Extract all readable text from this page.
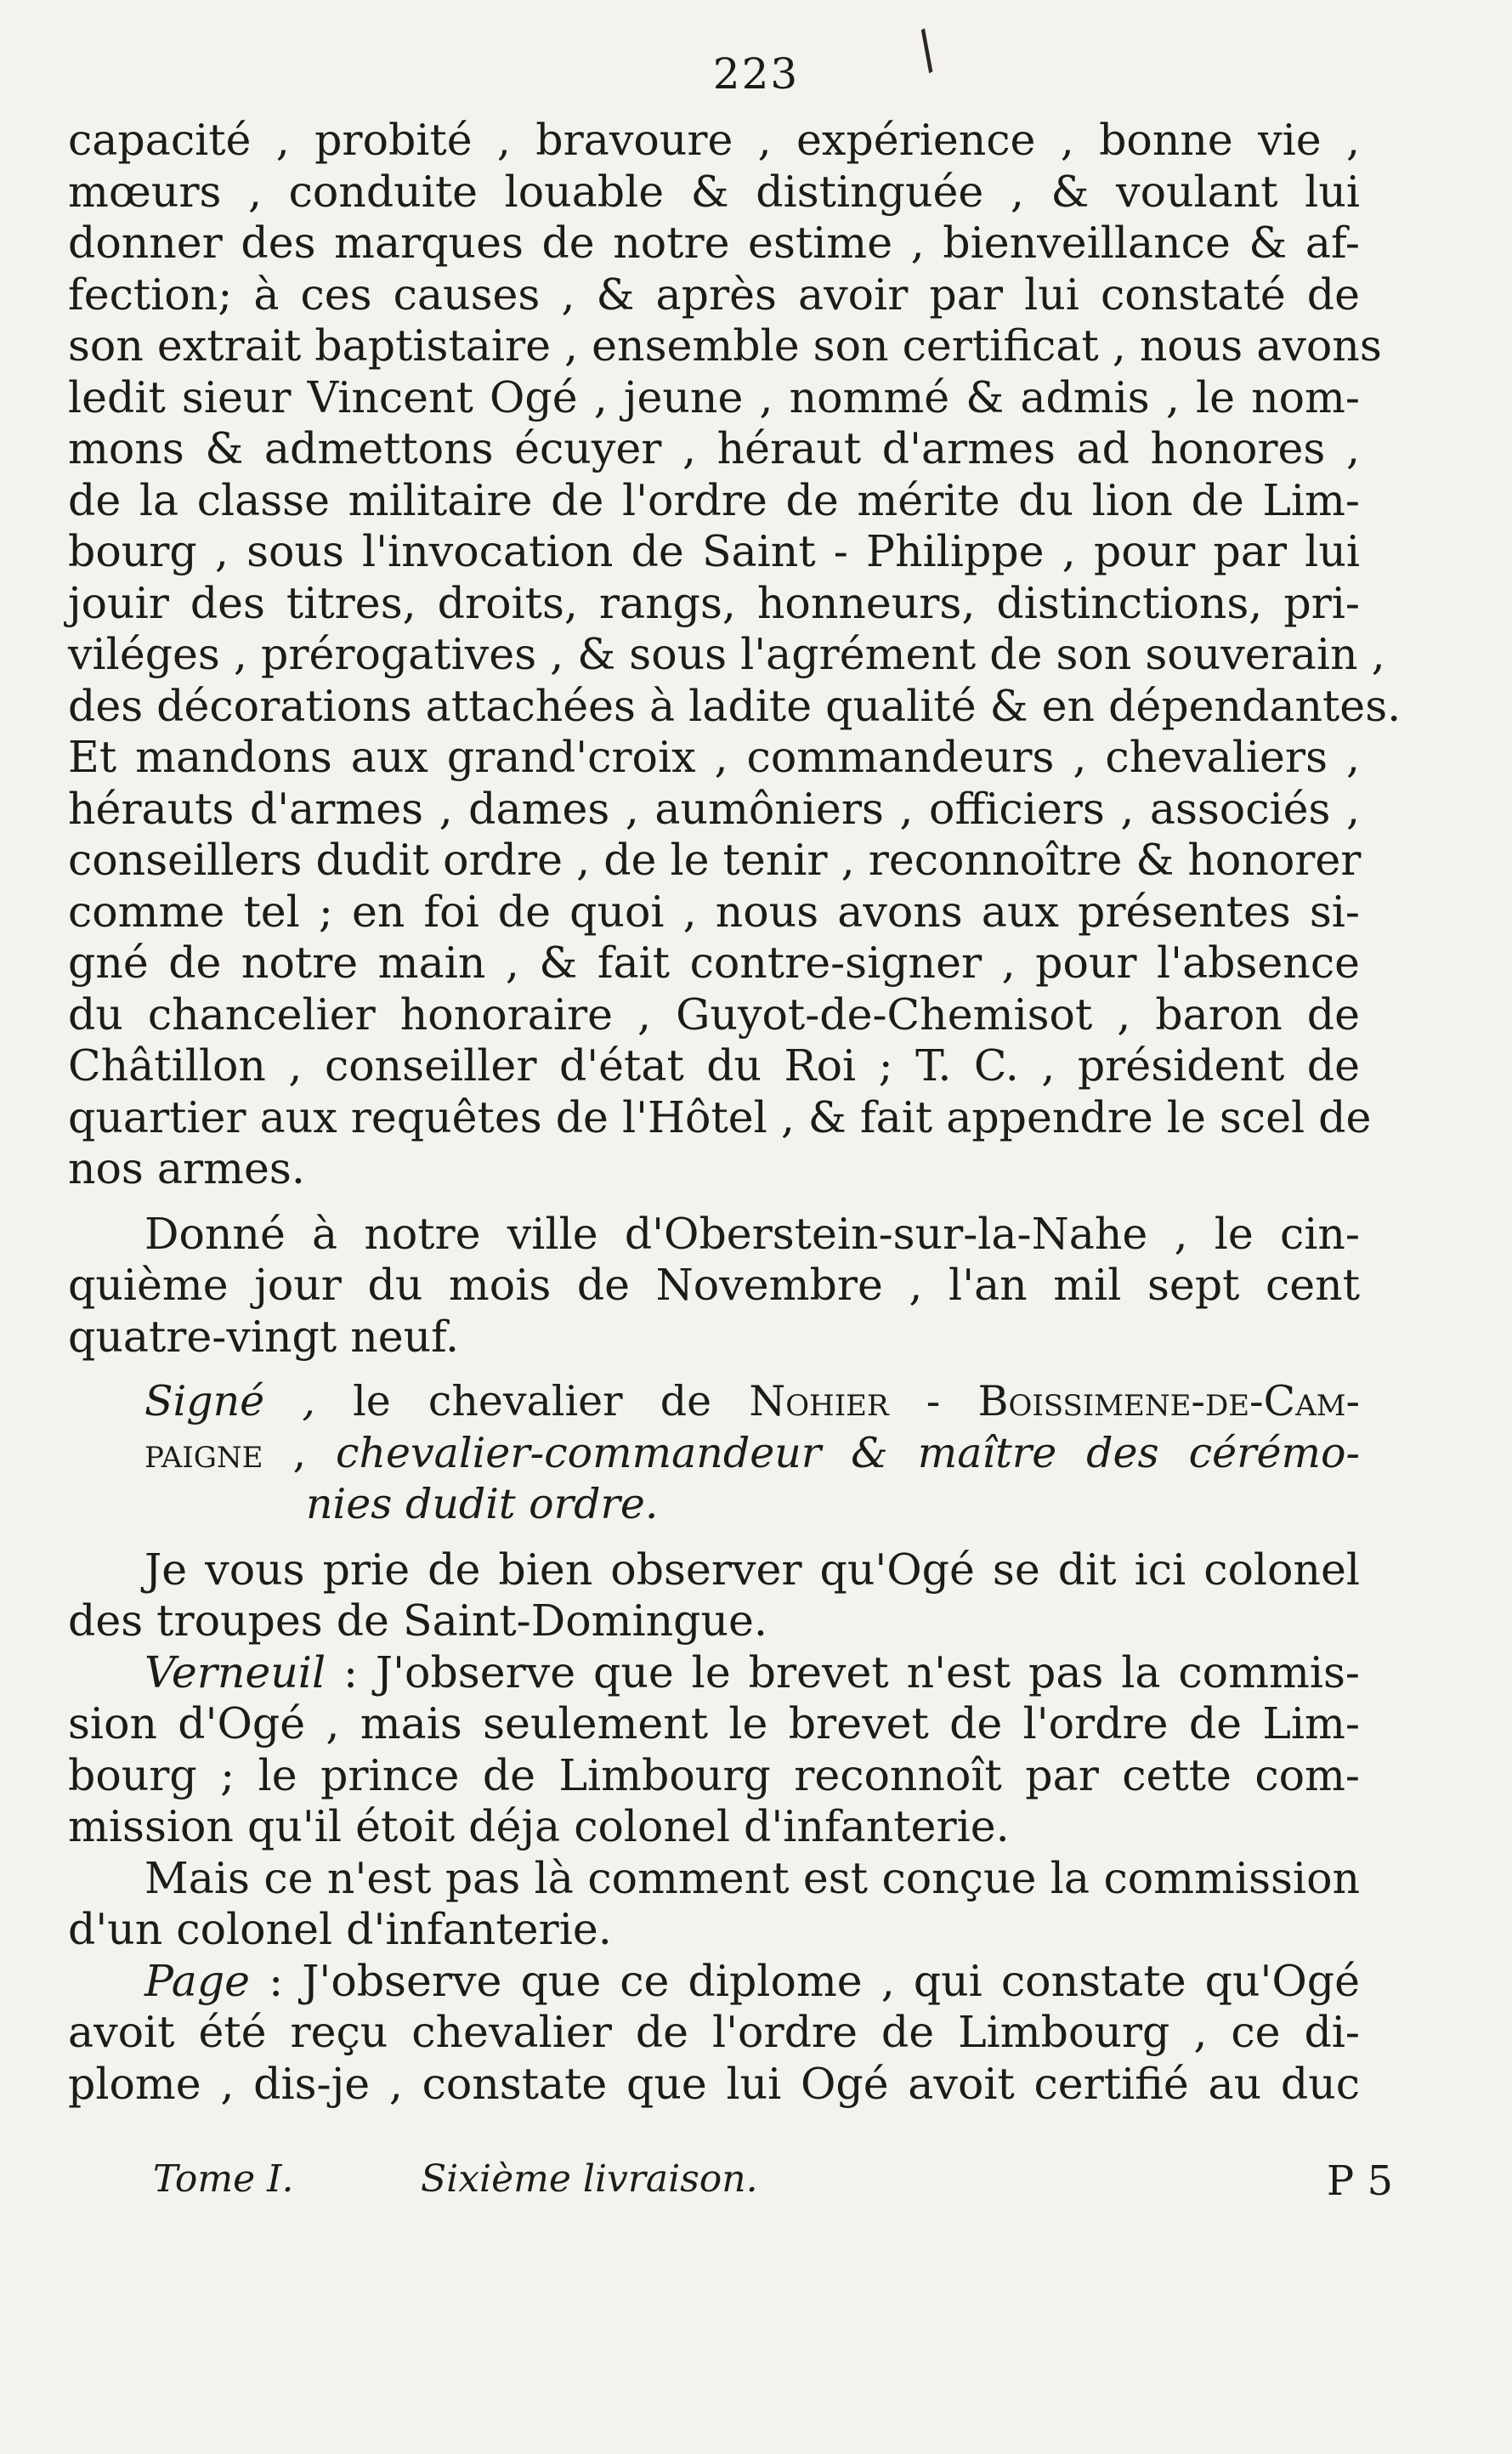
/
223
capacité , probité , bravoure , expérience , bonne vie ,
mœurs , conduite louable & distinguée , & voulant lui
donner des marques de notre estime , bienveillance & af-
fection; à ces causes , & après avoir par lui constaté de
son extrait baptistaire , ensemble son certificat , nous avons
ledit sieur Vincent Ogé , jeune , nommé & admis , le nom-
mons & admettons écuyer , héraut d'armes ad honores ,
de la classe militaire de l'ordre de mérite du lion de Lim-
bourg , sous l'invocation de Saint - Philippe , pour par lui
jouir des titres, droits, rangs, honneurs, distinctions, pri-
viléges , prérogatives , & sous l'agrément de son souverain ,
des décorations attachées à ladite qualité & en dépendantes.
Et mandons aux grand'croix , commandeurs , chevaliers ,
hérauts d'armes , dames , aumôniers , officiers , associés ,
conseillers dudit ordre , de le tenir , reconnoître & honorer
comme tel ; en foi de quoi , nous avons aux présentes si-
gné de notre main , & fait contre-signer , pour l'absence
du chancelier honoraire , Guyot-de-Chemisot , baron de
Châtillon , conseiller d'état du Roi ; T. C. , président de
quartier aux requêtes de l'Hôtel , & fait appendre le scel de
nos armes.
Donné à notre ville d'Oberstein-sur-la-Nahe , le cin-
quième jour du mois de Novembre , l'an mil sept cent
quatre-vingt neuf.
Signé , le chevalier de Nohier - Boissimene-de-Cam-
paigne , chevalier-commandeur & maître des cérémo-
nies dudit ordre.
Je vous prie de bien observer qu'Ogé se dit ici colonel
des troupes de Saint-Domingue.
Verneuil : J'observe que le brevet n'est pas la commis-
sion d'Ogé , mais seulement le brevet de l'ordre de Lim-
bourg ; le prince de Limbourg reconnoît par cette com-
mission qu'il étoit déja colonel d'infanterie.
Mais ce n'est pas là comment est conçue la commission
d'un colonel d'infanterie.
Page : J'observe que ce diplome , qui constate qu'Ogé
avoit été reçu chevalier de l'ordre de Limbourg , ce di-
plome , dis-je , constate que lui Ogé avoit certifié au duc
Tome I.	Sixième livraison.	P 5
